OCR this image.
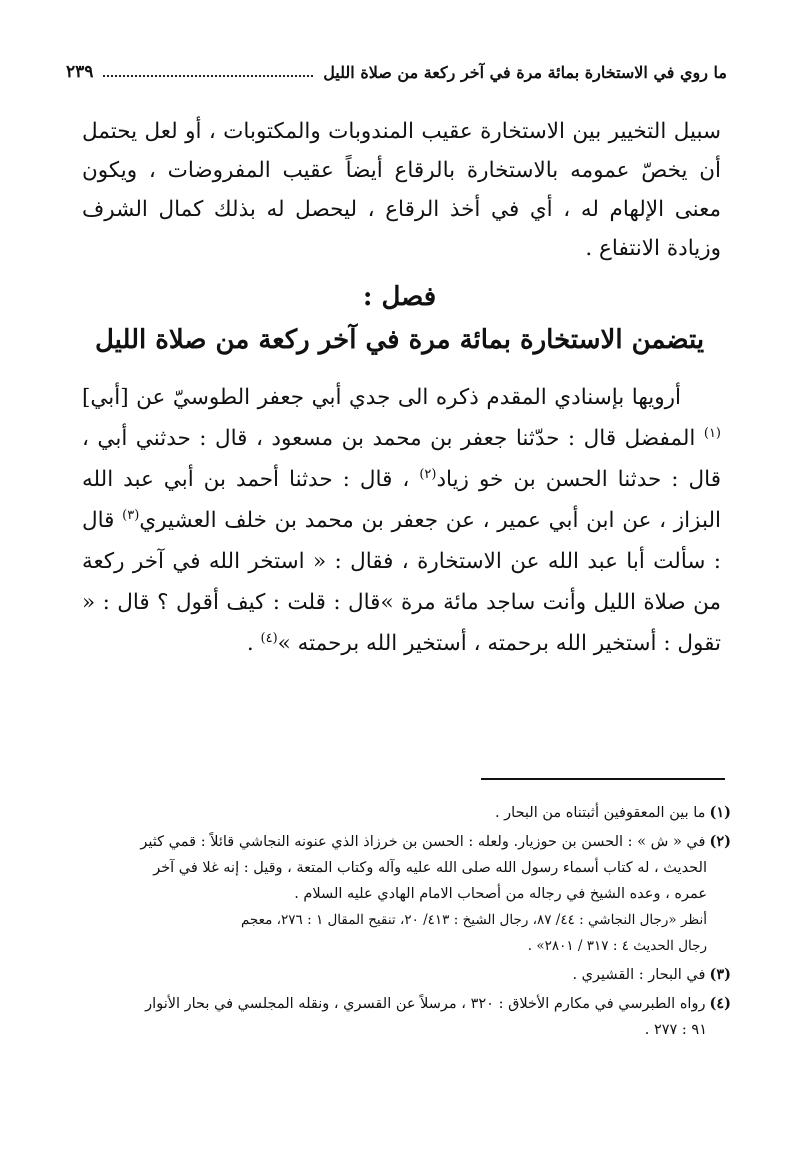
ما روي في الاستخارة بمائة مرة في آخر ركعة من صلاة الليل
٢٣٩

سبيل التخيير بين الاستخارة عقيب المندوبات والمكتوبات ، أو لعل يحتمل أن يخصّ عمومه بالاستخارة بالرقاع أيضاً عقيب المفروضات ، ويكون معنى الإلهام له ، أي في أخذ الرقاع ، ليحصل له بذلك كمال الشرف وزيادة الانتفاع .

فصل :
يتضمن الاستخارة بمائة مرة في آخر ركعة من صلاة الليل

أرويها بإسنادي المقدم ذكره الى جدي أبي جعفر الطوسيّ عن [أبي]$^{(١)}$ المفضل قال : حدّثنا جعفر بن محمد بن مسعود ، قال : حدثني أبي ، قال : حدثنا الحسن بن خو زياد$^{(٢)}$ ، قال : حدثنا أحمد بن أبي عبد الله البزاز ، عن ابن أبي عمير ، عن جعفر بن محمد بن خلف العشيري$^{(٣)}$ قال : سألت أبا عبد الله عن الاستخارة ، فقال : « استخر الله في آخر ركعة من صلاة الليل وأنت ساجد مائة مرة »قال : قلت : كيف أقول ؟ قال : « تقول : أستخير الله برحمته ، أستخير الله برحمته »$^{(٤)}$ .

(١)ما بين المعقوفين أثبتناه من البحار .
(٢)في « ش » : الحسن بن حوزيار. ولعله : الحسن بن خرزاذ الذي عنونه النجاشي قائلاً : قمي كثير
الحديث ، له كتاب أسماء رسول الله صلى الله عليه وآله وكتاب المتعة ، وقيل : إنه غلا في آخر
عمره ، وعده الشيخ في رجاله من أصحاب الامام الهادي عليه السلام .
أنظر «رجال النجاشي : ٤٤/ ٨٧، رجال الشيخ : ٤١٣/ ٢٠، تنقيح المقال ١ : ٢٧٦، معجم
رجال الحديث ٤ : ٣١٧ / ٢٨٠١» .
(٣)في البحار : القشيري .
(٤)رواه الطبرسي في مكارم الأخلاق : ٣٢٠ ، مرسلاً عن القسري ، ونقله المجلسي في بحار الأنوار
٩١ : ٢٧٧ .
